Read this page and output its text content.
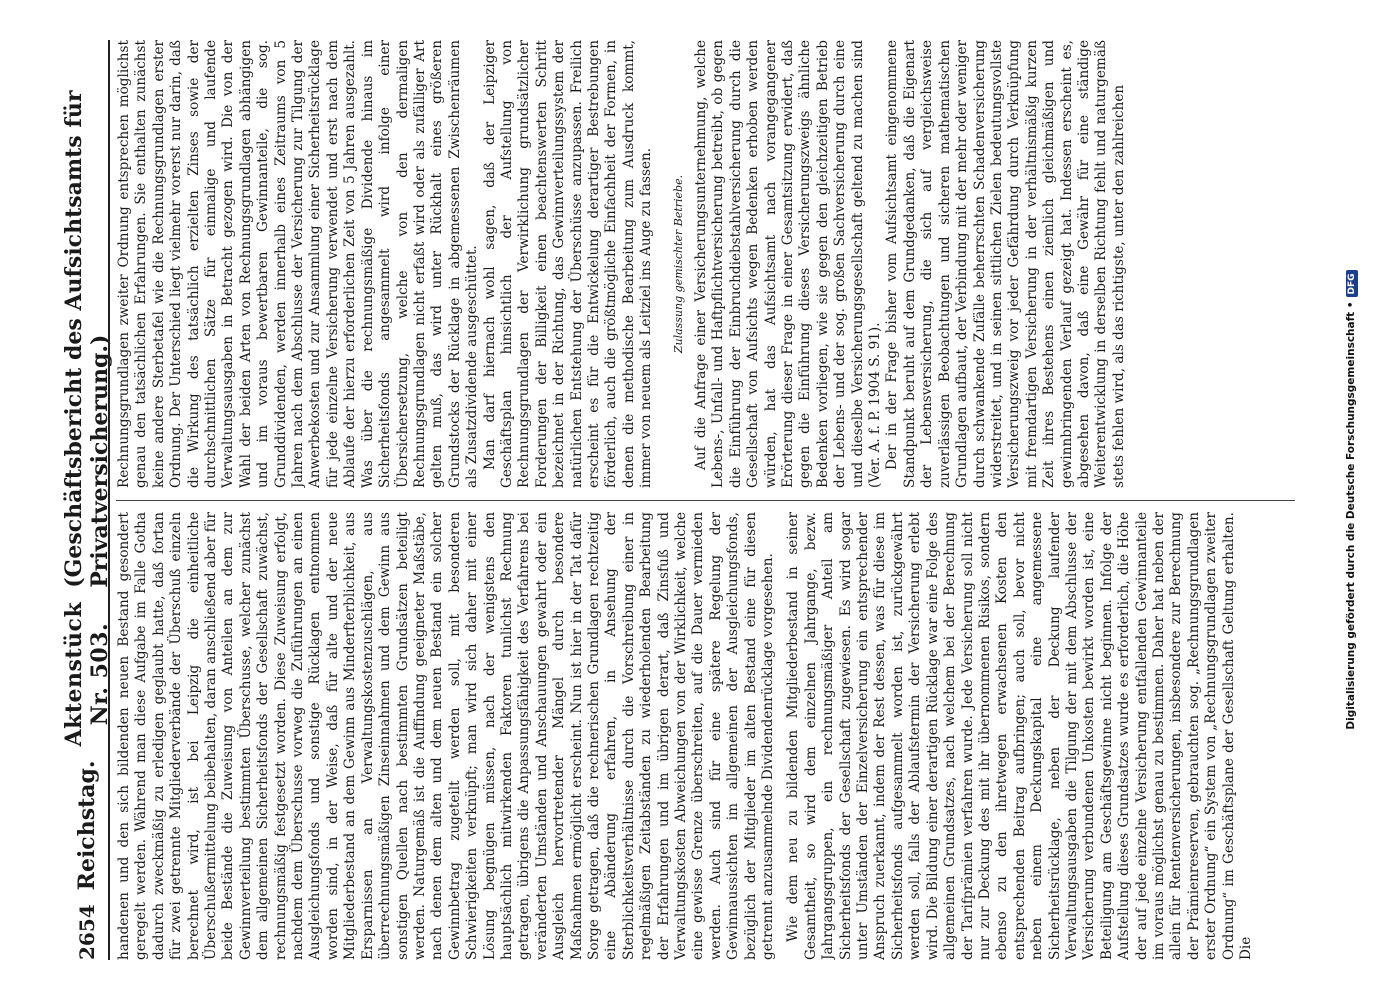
2654
Reichstag.
Aktenstück Nr. 503.
(Geschäftsbericht des Aufsichtsamts für Privatversicherung.)

handenen und den sich bildenden neuen Bestand gesondert geregelt werden. Während man diese Aufgabe im Falle Gotha dadurch zweckmäßig zu erledigen geglaubt hatte, daß fortan für zwei getrennte Mitgliederverbände der Überschuß einzeln berechnet wird, ist bei Leipzig die einheitliche Überschußermittelung beibehalten, daran anschließend aber für beide Bestände die Zuweisung von Anteilen an dem zur Gewinnverteilung bestimmten Überschusse, welcher zunächst dem allgemeinen Sicherheitsfonds der Gesellschaft zuwächst, rechnungsmäßig festgesetzt worden. Diese Zuweisung erfolgt, nachdem dem Überschusse vorweg die Zuführungen an einen Ausgleichungsfonds und sonstige Rücklagen entnommen worden sind, in der Weise, daß für alte und der neue Mitgliederbestand an dem Gewinn aus Minderfterblichkeit, aus Ersparnissen an Verwaltungskostenzuschlägen, aus überrechnungsmäßigen Zinseinnahmen und dem Gewinn aus sonstigen Quellen nach bestimmten Grundsätzen beteiligt werden. Naturgemäß ist die Auffindung geeigneter Maßstäbe, nach denen dem alten und dem neuen Bestand ein solcher Gewinnbetrag zugeteilt werden soll, mit besonderen Schwierigkeiten verknüpft; man wird sich daher mit einer Lösung begnügen müssen, nach der wenigstens den hauptsächlich mitwirkenden Faktoren tunlichst Rechnung getragen, übrigens die Anpassungsfähigkeit des Verfahrens bei veränderten Umständen und Anschauungen gewahrt oder ein Ausgleich hervortretender Mängel durch besondere Maßnahmen ermöglicht erscheint. Nun ist hier in der Tat dafür Sorge getragen, daß die rechnerischen Grundlagen rechtzeitig eine Abänderung erfahren, in Ansehung der Sterblichkeitsverhältnisse durch die Vorschreibung einer in regelmäßigen Zeitabständen zu wiederholenden Bearbeitung der Erfahrungen und im übrigen derart, daß Zinsfuß und Verwaltungskosten Abweichungen von der Wirklichkeit, welche eine gewisse Grenze überschreiten, auf die Dauer vermieden werden. Auch sind für eine spätere Regelung der Gewinnaussichten im allgemeinen der Ausgleichungsfonds, bezüglich der Mitglieder im alten Bestand eine für diesen getrennt anzusammelnde Dividendenrücklage vorgesehen. Wie dem neu zu bildenden Mitgliederbestand in seiner Gesamtheit, so wird dem einzelnen Jahrgange, bezw. Jahrgangsgruppen, ein rechnungsmäßiger Anteil am Sicherheitsfonds der Gesellschaft zugewiesen. Es wird sogar unter Umständen der Einzelversicherung ein entsprechender Anspruch zuerkannt, indem der Rest dessen, was für diese im Sicherheitsfonds aufgesammelt worden ist, zurückgewährt werden soll, falls der Ablaufstermin der Versicherung erlebt wird. Die Bildung einer derartigen Rücklage war eine Folge des allgemeinen Grundsatzes, nach welchem bei der Berechnung der Tarifprämien verfahren wurde. Jede Versicherung soll nicht nur zur Deckung des mit ihr übernommenen Risikos, sondern ebenso zu den ihretwegen erwachsenen Kosten den entsprechenden Beitrag aufbringen; auch soll, bevor nicht neben einem Deckungskapital eine angemessene Sicherheitsrücklage, neben der Deckung laufender Verwaltungsausgaben die Tilgung der mit dem Abschlusse der Versicherung verbundenen Unkosten bewirkt worden ist, eine Beteiligung am Geschäftsgewinne nicht beginnen. Infolge der Aufstellung dieses Grundsatzes wurde es erforderlich, die Höhe der auf jede einzelne Versicherung entfallenden Gewinnanteile im voraus möglichst genau zu bestimmen. Daher hat neben der allein für Rentenversicherungen, insbesondere zur Berechnung der Prämienreserven, gebrauchten sog. „Rechnungsgrundlagen erster Ordnung“ ein System von „Rechnungsgrundlagen zweiter Ordnung“ im Geschäftsplane der Gesellschaft Geltung erhalten. Die

Rechnungsgrundlagen zweiter Ordnung entsprechen möglichst genau den tatsächlichen Erfahrungen. Sie enthalten zunächst keine andere Sterbetafel wie die Rechnungsgrundlagen erster Ordnung. Der Unterschied liegt vielmehr vorerst nur darin, daß die Wirkung des tatsächlich erzielten Zinses sowie der durchschnittlichen Sätze für einmalige und laufende Verwaltungsausgaben in Betracht gezogen wird. Die von der Wahl der beiden Arten von Rechnungsgrundlagen abhängigen und im voraus bewertbaren Gewinnanteile, die sog. Grunddividenden, werden innerhalb eines Zeitraums von 5 Jahren nach dem Abschlusse der Versicherung zur Tilgung der Anwerbekosten und zur Ansammlung einer Sicherheitsrücklage für jede einzelne Versicherung verwendet und erst nach dem Ablaufe der hierzu erforderlichen Zeit von 5 Jahren ausgezahlt. Was über die rechnungsmäßige Dividende hinaus im Sicherheitsfonds angesammelt wird infolge einer Übersichersetzung, welche von den dermaligen Rechnungsgrundlagen nicht erfaßt wird oder als zufälliger Art gelten muß, das wird unter Rückhalt eines größeren Grundstocks der Rücklage in abgemessenen Zwischenräumen als Zusatzdividende ausgeschüttet. Man darf hiernach wohl sagen, daß der Leipziger Geschäftsplan hinsichtlich der Aufstellung von Rechnungsgrundlagen der Verwirklichung grundsätzlicher Forderungen der Billigkeit einen beachtenswerten Schritt bezeichnet in der Richtung, das Gewinnverteilungssystem der natürlichen Entstehung der Überschüsse anzupassen. Freilich erscheint es für die Entwickelung derartiger Bestrebungen förderlich, auch die größtmögliche Einfachheit der Formen, in denen die methodische Bearbeitung zum Ausdruck kommt, immer von neuem als Leitziel ins Auge zu fassen. Zulassung gemischter Betriebe. Auf die Anfrage einer Versicherungsunternehmung, welche Lebens-, Unfall- und Haftpflichtversicherung betreibt, ob gegen die Einführung der Einbruchdiebstahlversicherung durch die Gesellschaft von Aufsichts wegen Bedenken erhoben werden würden, hat das Aufsichtsamt nach vorangegangener Erörterung dieser Frage in einer Gesamtsitzung erwidert, daß gegen die Einführung dieses Versicherungszweigs ähnliche Bedenken vorliegen, wie sie gegen den gleichzeitigen Betrieb der Lebens- und der sog. großen Sachversicherung durch eine und dieselbe Versicherungsgesellschaft geltend zu machen sind (Ver. A. f. P. 1904 S. 91). Der in der Frage bisher vom Aufsichtsamt eingenommene Standpunkt beruht auf dem Grundgedanken, daß die Eigenart der Lebensversicherung, die sich auf vergleichsweise zuverlässigen Beobachtungen und sicheren mathematischen Grundlagen aufbaut, der Verbindung mit der mehr oder weniger durch schwankende Zufälle beherrschten Schadenversicherung widerstreitet, und in seinen sittlichen Zielen bedeutungsvollste Versicherungszweig vor jeder Gefährdung durch Verknüpfung mit fremdartigen Versicherung in der verhältnismäßig kurzen Zeit ihres Bestehens einen ziemlich gleichmäßigen und gewinnbringenden Verlauf gezeigt hat. Indessen erscheint es, abgesehen davon, daß eine Gewähr für eine ständige Weiterentwicklung in derselben Richtung fehlt und naturgemäß stets fehlen wird, als das richtigste, unter den zahlreichen

Digitalisierung gefördert durch die Deutsche Forschungsgemeinschaft •DFG
